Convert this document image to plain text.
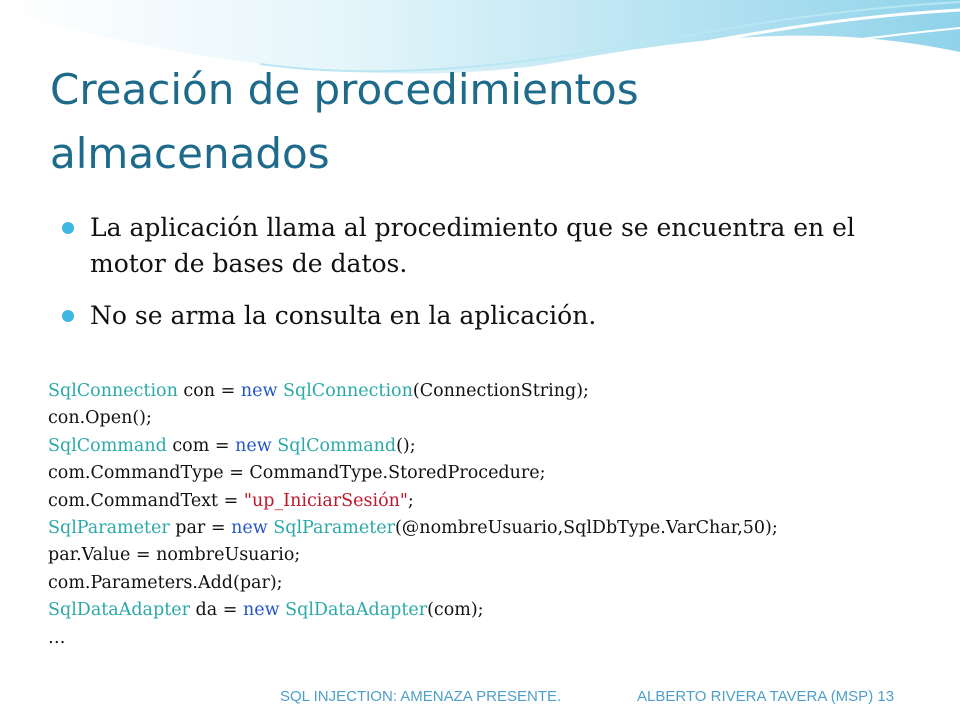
Creación de procedimientos almacenados
La aplicación llama al procedimiento que se encuentra en el motor de bases de datos.
No se arma la consulta en la aplicación.
SqlConnection con = new SqlConnection(ConnectionString);
con.Open();
SqlCommand com = new SqlCommand();
com.CommandType = CommandType.StoredProcedure;
com.CommandText = "up_IniciarSesión";
SqlParameter par = new SqlParameter(@nombreUsuario,SqlDbType.VarChar,50);
par.Value = nombreUsuario;
com.Parameters.Add(par);
SqlDataAdapter da = new SqlDataAdapter(com);
…
SQL INJECTION: AMENAZA PRESENTE.	ALBERTO RIVERA TAVERA (MSP) 13
